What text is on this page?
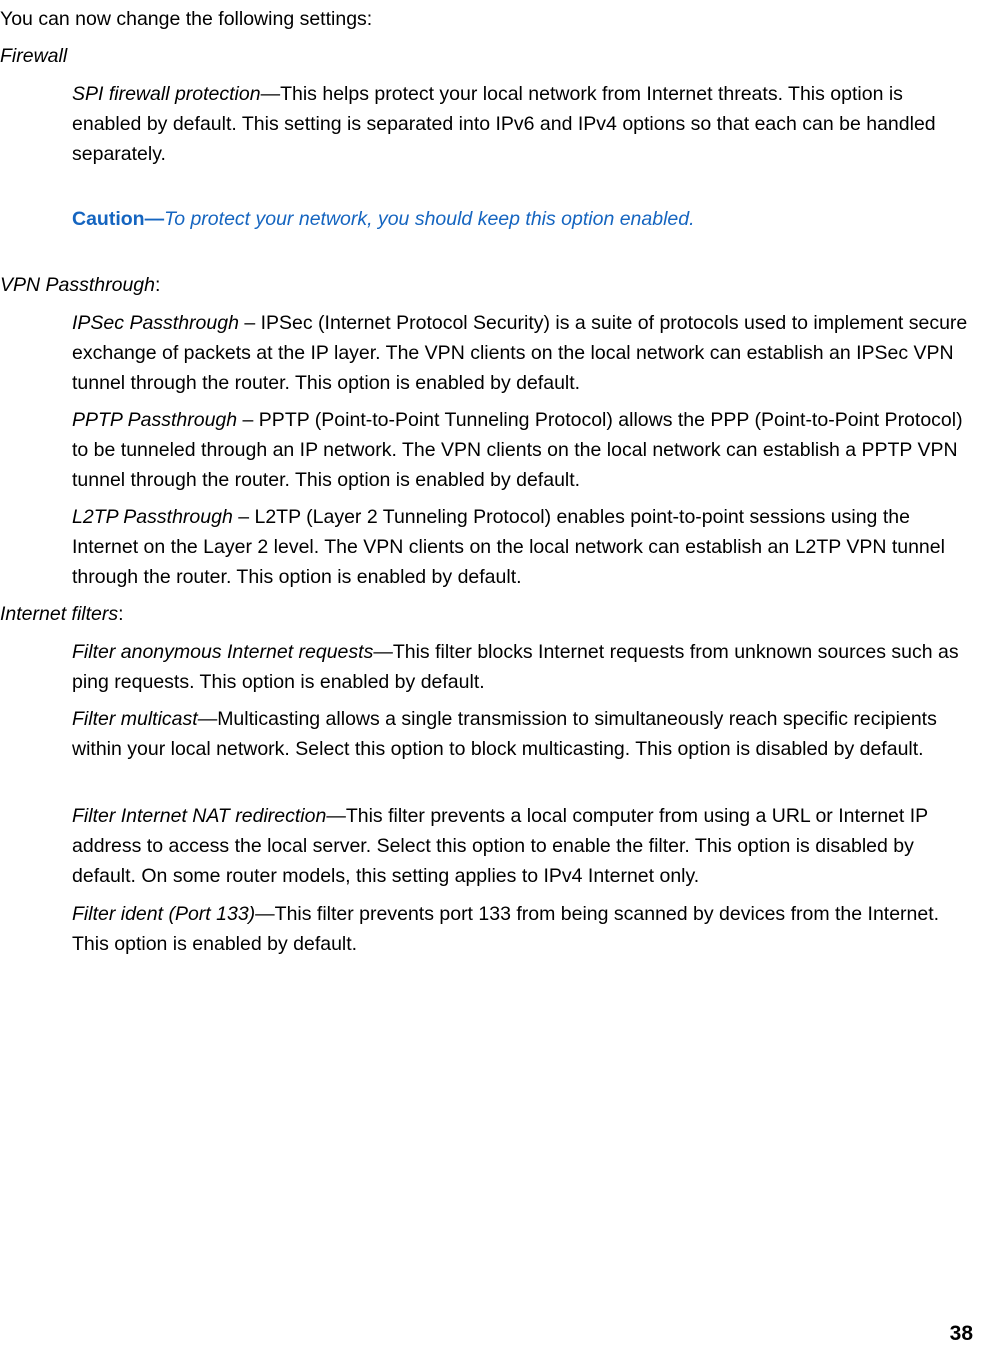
You can now change the following settings:

Firewall

SPI firewall protection—This helps protect your local network from Internet threats. This option is enabled by default. This setting is separated into IPv6 and IPv4 options so that each can be handled separately.

Caution—To protect your network, you should keep this option enabled.

VPN Passthrough:

IPSec Passthrough – IPSec (Internet Protocol Security) is a suite of protocols used to implement secure exchange of packets at the IP layer. The VPN clients on the local network can establish an IPSec VPN tunnel through the router. This option is enabled by default.

PPTP Passthrough – PPTP (Point-to-Point Tunneling Protocol) allows the PPP (Point-to-Point Protocol) to be tunneled through an IP network. The VPN clients on the local network can establish a PPTP VPN tunnel through the router. This option is enabled by default.

L2TP Passthrough – L2TP (Layer 2 Tunneling Protocol) enables point-to-point sessions using the Internet on the Layer 2 level. The VPN clients on the local network can establish an L2TP VPN tunnel through the router. This option is enabled by default.

Internet filters:

Filter anonymous Internet requests—This filter blocks Internet requests from unknown sources such as ping requests. This option is enabled by default.

Filter multicast—Multicasting allows a single transmission to simultaneously reach specific recipients within your local network. Select this option to block multicasting. This option is disabled by default.

Filter Internet NAT redirection—This filter prevents a local computer from using a URL or Internet IP address to access the local server. Select this option to enable the filter. This option is disabled by default. On some router models, this setting applies to IPv4 Internet only.

Filter ident (Port 133)—This filter prevents port 133 from being scanned by devices from the Internet. This option is enabled by default.

38
